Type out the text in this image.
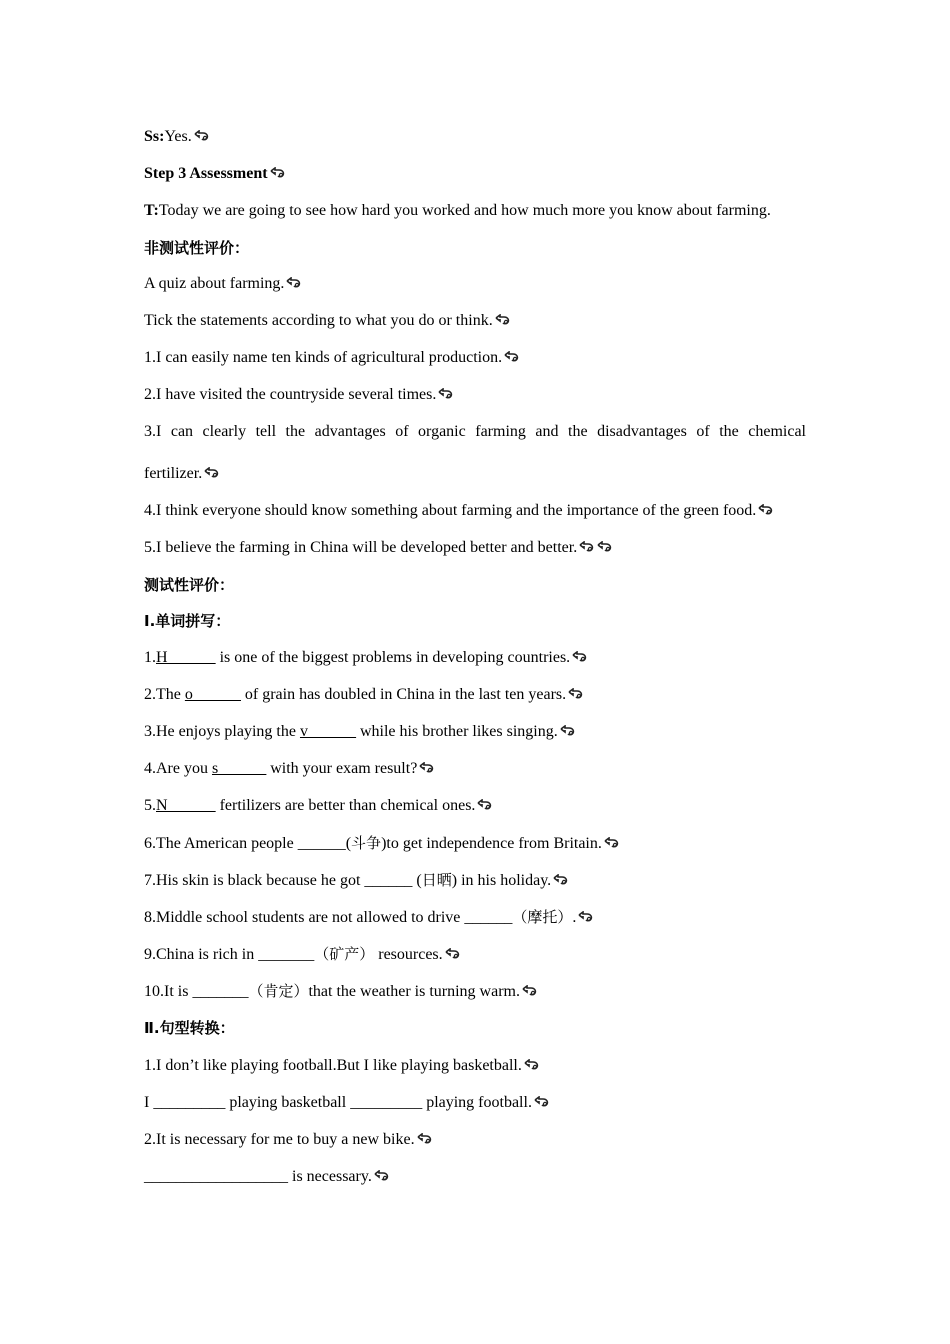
Ss:Yes.
Step 3 Assessment
T:Today we are going to see how hard you worked and how much more you know about farming.
非测试性评价：
A quiz about farming.
Tick the statements according to what you do or think.
1.I can easily name ten kinds of agricultural production.
2.I have visited the countryside several times.
3.I can clearly tell the advantages of organic farming and the disadvantages of the chemical
fertilizer.
4.I think everyone should know something about farming and the importance of the green food.
5.I believe the farming in China will be developed better and better.
测试性评价：
Ⅰ.单词拼写：
1.H______ is one of the biggest problems in developing countries.
2.The o______ of grain has doubled in China in the last ten years.
3.He enjoys playing the v______ while his brother likes singing.
4.Are you s______ with your exam result?
5.N______ fertilizers are better than chemical ones.
6.The American people ______(斗争)to get independence from Britain.
7.His skin is black because he got ______ (日晒) in his holiday.
8.Middle school students are not allowed to drive ______（摩托）.
9.China is rich in _______（矿产） resources.
10.It is _______（肯定）that the weather is turning warm.
Ⅱ.句型转换：
1.I don’t like playing football.But I like playing basketball.
I _________ playing basketball _________ playing football.
2.It is necessary for me to buy a new bike.
__________________ is necessary.
